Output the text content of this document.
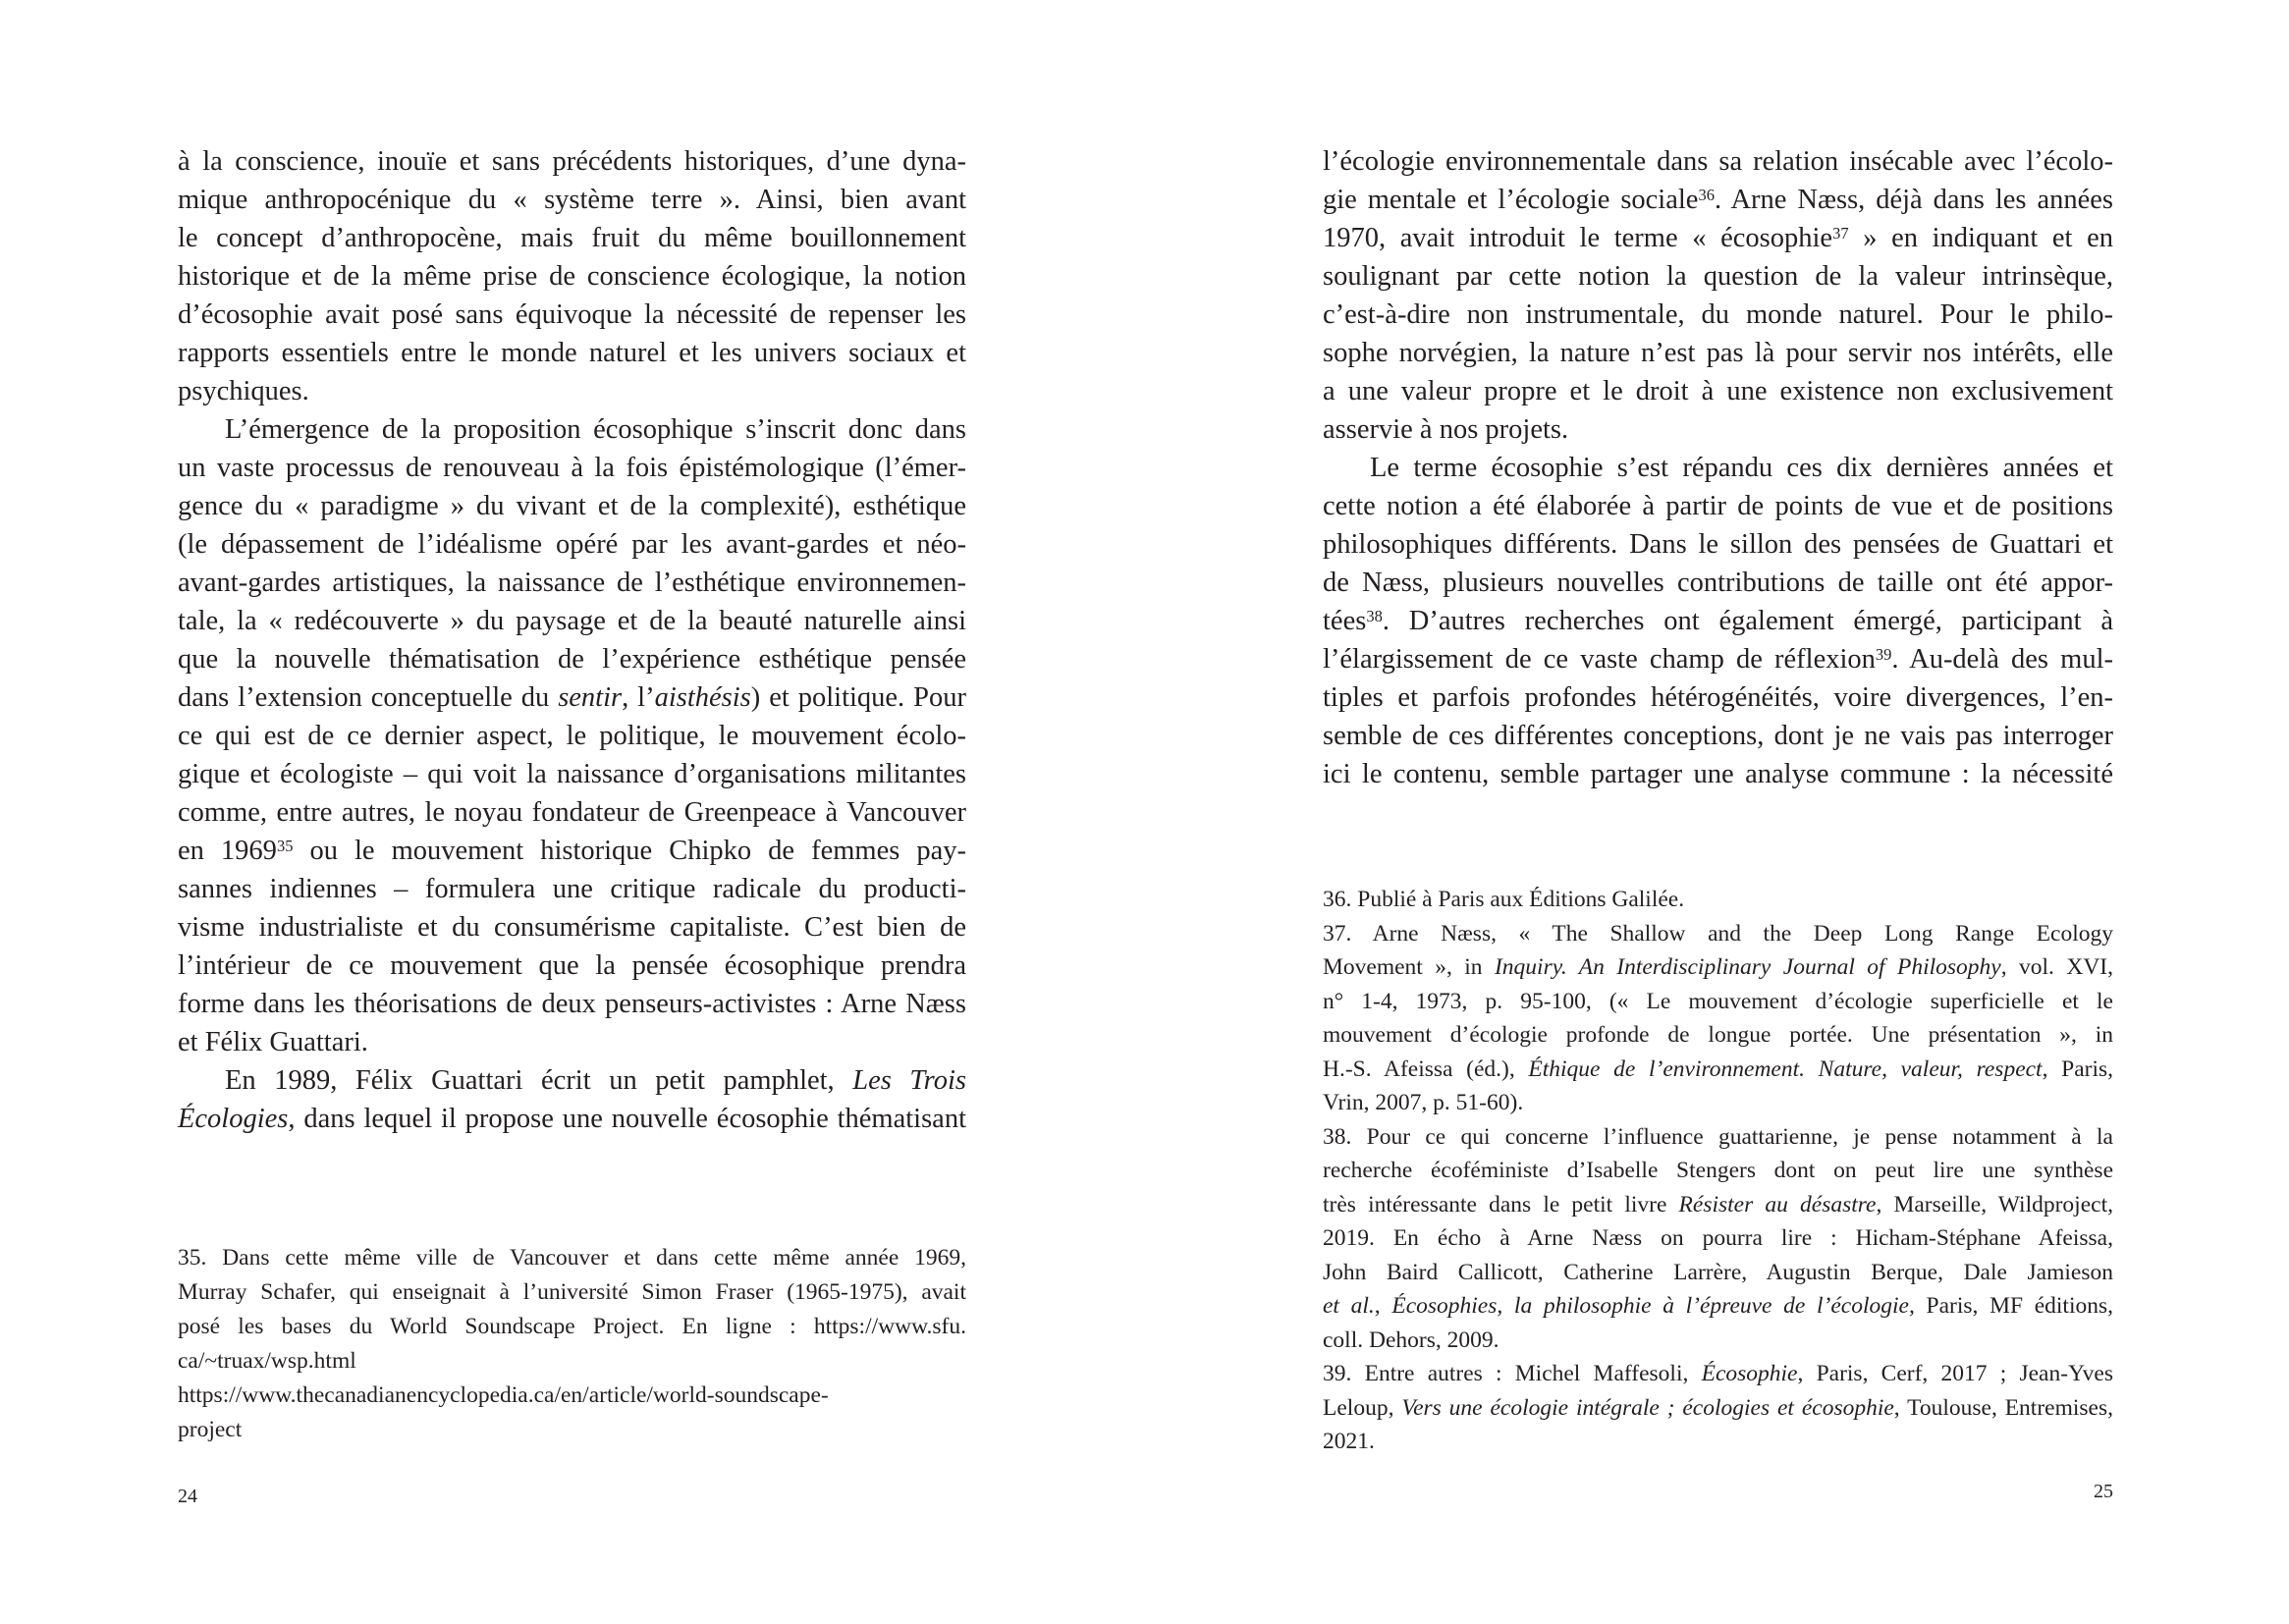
à la conscience, inouïe et sans précédents historiques, d’une dyna-
mique anthropocénique du « système terre ». Ainsi, bien avant
le concept d’anthropocène, mais fruit du même bouillonnement
historique et de la même prise de conscience écologique, la notion
d’écosophie avait posé sans équivoque la nécessité de repenser les
rapports essentiels entre le monde naturel et les univers sociaux et
psychiques.
L’émergence de la proposition écosophique s’inscrit donc dans
un vaste processus de renouveau à la fois épistémologique (l’émer-
gence du « paradigme » du vivant et de la complexité), esthétique
(le dépassement de l’idéalisme opéré par les avant-gardes et néo-
avant-gardes artistiques, la naissance de l’esthétique environnemen-
tale, la « redécouverte » du paysage et de la beauté naturelle ainsi
que la nouvelle thématisation de l’expérience esthétique pensée
dans l’extension conceptuelle du sentir, l’aisthésis) et politique. Pour
ce qui est de ce dernier aspect, le politique, le mouvement écolo-
gique et écologiste – qui voit la naissance d’organisations militantes
comme, entre autres, le noyau fondateur de Greenpeace à Vancouver
en 1969$^{35}$ ou le mouvement historique Chipko de femmes pay-
sannes indiennes – formulera une critique radicale du producti-
visme industrialiste et du consumérisme capitaliste. C’est bien de
l’intérieur de ce mouvement que la pensée écosophique prendra
forme dans les théorisations de deux penseurs-activistes : Arne Næss
et Félix Guattari.
En 1989, Félix Guattari écrit un petit pamphlet, Les Trois
Écologies, dans lequel il propose une nouvelle écosophie thématisant
35. Dans cette même ville de Vancouver et dans cette même année 1969,
Murray Schafer, qui enseignait à l’université Simon Fraser (1965-1975), avait
posé les bases du World Soundscape Project. En ligne : https://www.sfu.
ca/~truax/wsp.html
https://www.thecanadianencyclopedia.ca/en/article/world-soundscape-
project
24
l’écologie environnementale dans sa relation insécable avec l’écolo-
gie mentale et l’écologie sociale$^{36}$. Arne Næss, déjà dans les années
1970, avait introduit le terme « écosophie$^{37}$ » en indiquant et en
soulignant par cette notion la question de la valeur intrinsèque,
c’est-à-dire non instrumentale, du monde naturel. Pour le philo-
sophe norvégien, la nature n’est pas là pour servir nos intérêts, elle
a une valeur propre et le droit à une existence non exclusivement
asservie à nos projets.
Le terme écosophie s’est répandu ces dix dernières années et
cette notion a été élaborée à partir de points de vue et de positions
philosophiques différents. Dans le sillon des pensées de Guattari et
de Næss, plusieurs nouvelles contributions de taille ont été appor-
tées$^{38}$. D’autres recherches ont également émergé, participant à
l’élargissement de ce vaste champ de réflexion$^{39}$. Au-delà des mul-
tiples et parfois profondes hétérogénéités, voire divergences, l’en-
semble de ces différentes conceptions, dont je ne vais pas interroger
ici le contenu, semble partager une analyse commune : la nécessité
36. Publié à Paris aux Éditions Galilée.
37. Arne Næss, « The Shallow and the Deep Long Range Ecology
Movement », in Inquiry. An Interdisciplinary Journal of Philosophy, vol. XVI,
n° 1-4, 1973, p. 95-100, (« Le mouvement d’écologie superficielle et le
mouvement d’écologie profonde de longue portée. Une présentation », in
H.-S. Afeissa (éd.), Éthique de l’environnement. Nature, valeur, respect, Paris,
Vrin, 2007, p. 51-60).
38. Pour ce qui concerne l’influence guattarienne, je pense notamment à la
recherche écoféministe d’Isabelle Stengers dont on peut lire une synthèse
très intéressante dans le petit livre Résister au désastre, Marseille, Wildproject,
2019. En écho à Arne Næss on pourra lire : Hicham-Stéphane Afeissa,
John Baird Callicott, Catherine Larrère, Augustin Berque, Dale Jamieson
et al., Écosophies, la philosophie à l’épreuve de l’écologie, Paris, MF éditions,
coll. Dehors, 2009.
39. Entre autres : Michel Maffesoli, Écosophie, Paris, Cerf, 2017 ; Jean-Yves
Leloup, Vers une écologie intégrale ; écologies et écosophie, Toulouse, Entremises,
2021.
25
